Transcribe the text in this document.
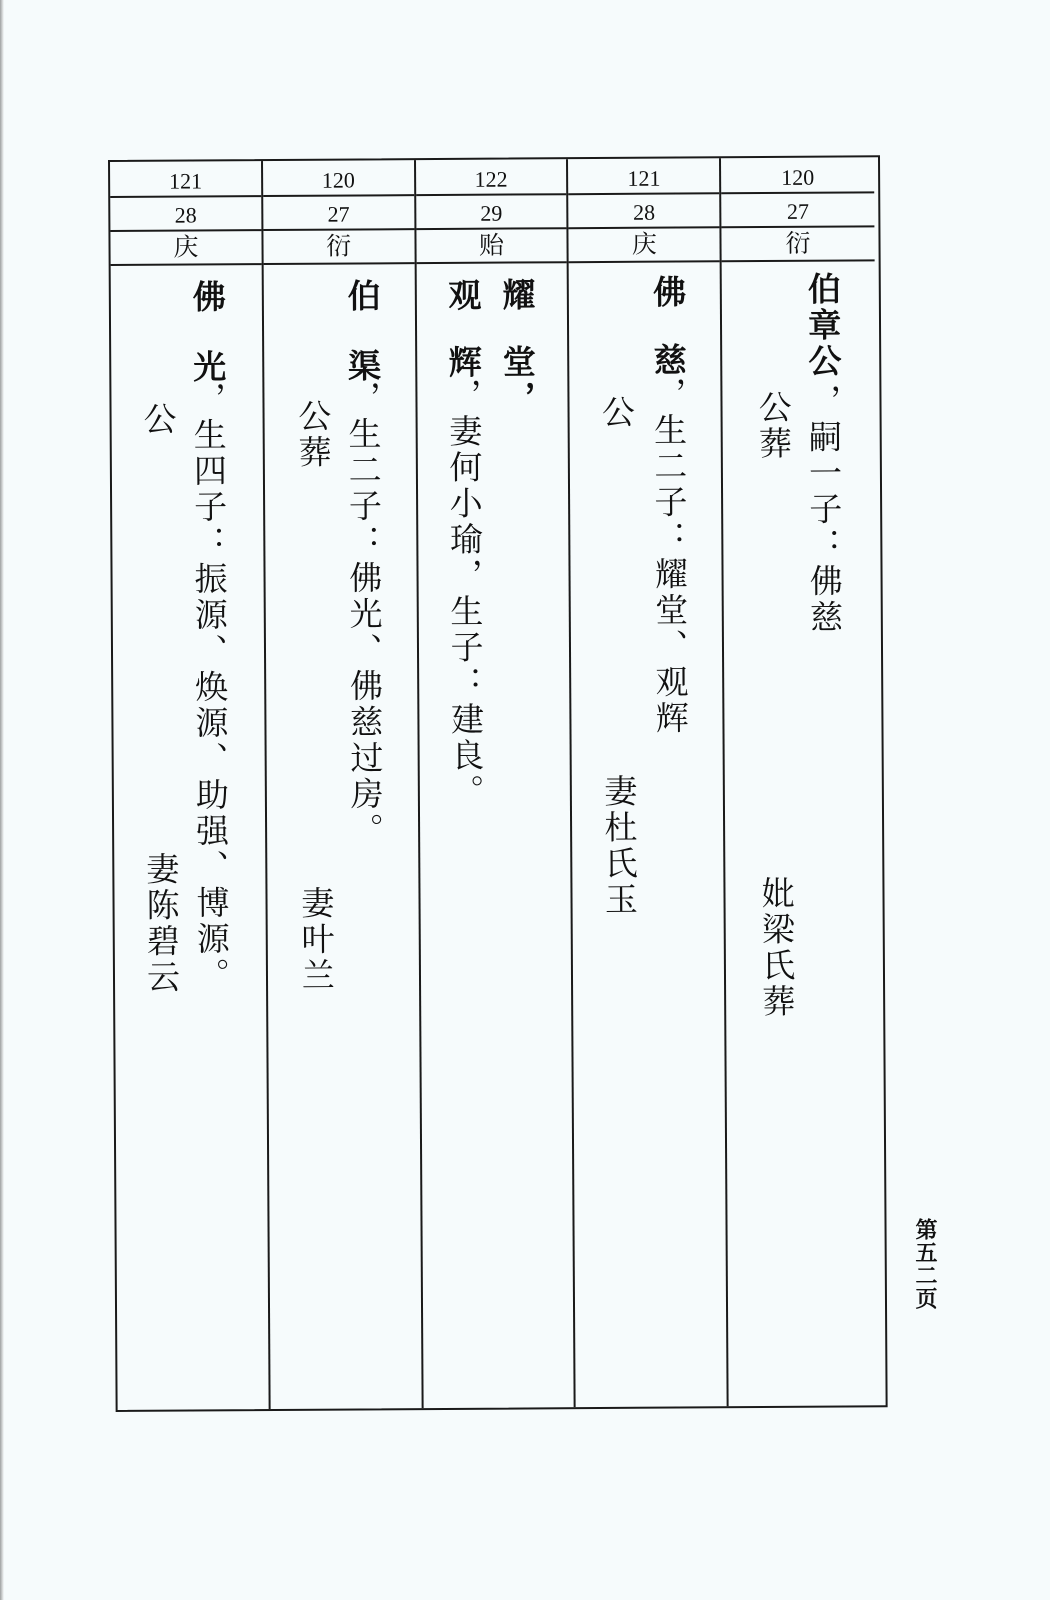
121
28
庆
佛
光
，生四子：振源、焕源、助强、博源。
公
妻陈碧云
120
27
衍
伯
渠
，生二子：佛光、佛慈过房。
公葬
妻叶兰
122
29
贻
耀
堂，
观
辉
，妻何小瑜，生子：建良。
121
28
庆
佛
慈
，生二子：耀堂、观辉
公
妻杜氏玉
120
27
衍
伯章公
，嗣一子：佛慈
公葬
妣梁氏葬
第五二页
